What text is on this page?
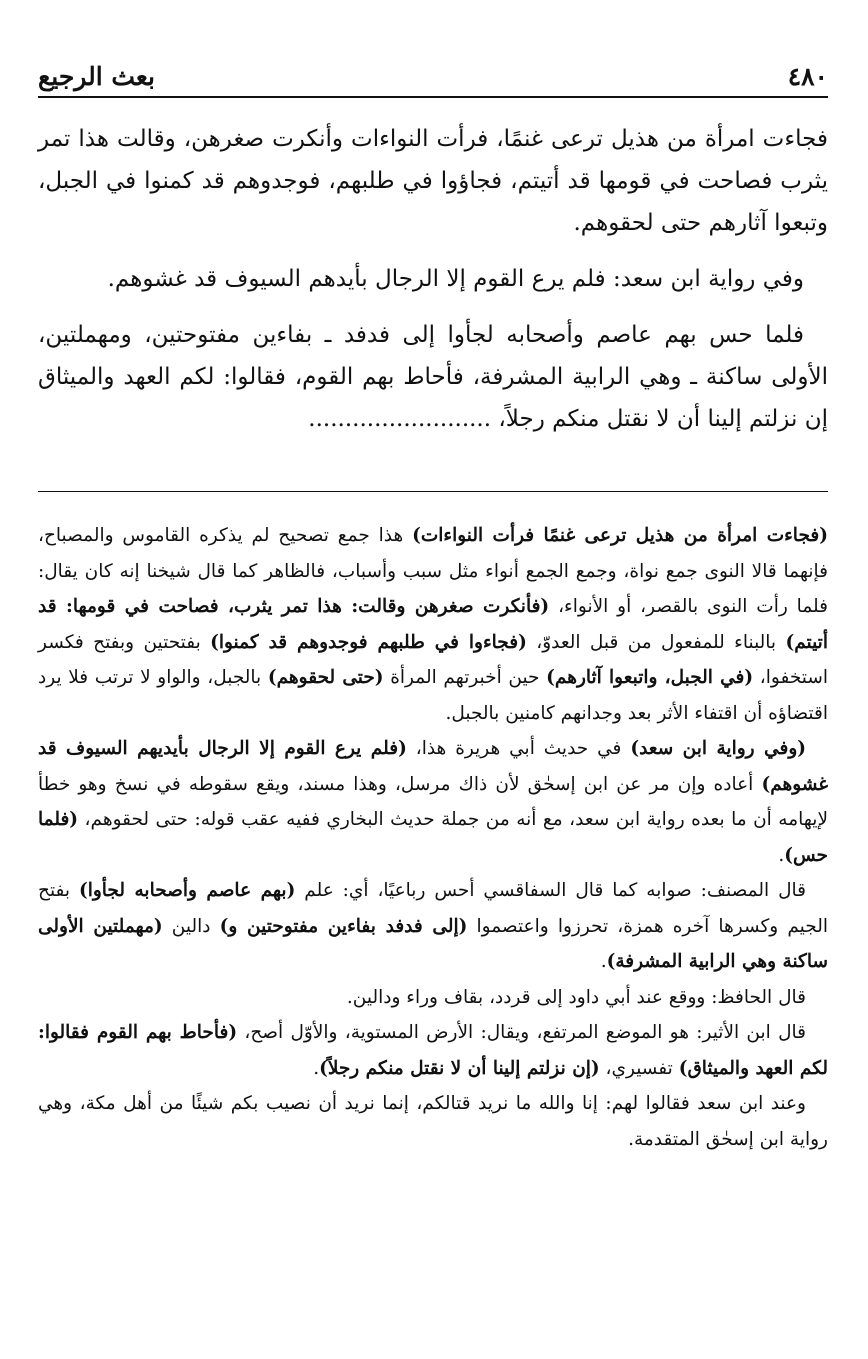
٤٨٠
بعث الرجيع

فجاءت امرأة من هذيل ترعى غنمًا، فرأت النواءات وأنكرت صغرهن، وقالت هذا تمر يثرب فصاحت في قومها قد أتيتم، فجاؤوا في طلبهم، فوجدوهم قد كمنوا في الجبل، وتبعوا آثارهم حتى لحقوهم.

وفي رواية ابن سعد: فلم يرع القوم إلا الرجال بأيدهم السيوف قد غشوهم.

فلما حس بهم عاصم وأصحابه لجأوا إلى فدفد ـ بفاءين مفتوحتين، ومهملتين، الأولى ساكنة ـ وهي الرابية المشرفة، فأحاط بهم القوم، فقالوا: لكم العهد والميثاق إن نزلتم إلينا أن لا نقتل منكم رجلاً، .........................

(فجاءت امرأة من هذيل ترعى غنمًا فرأت النواءات) هذا جمع تصحيح لم يذكره القاموس والمصباح، فإنهما قالا النوى جمع نواة، وجمع الجمع أنواء مثل سبب وأسباب، فالظاهر كما قال شيخنا إنه كان يقال: فلما رأت النوى بالقصر، أو الأنواء، (فأنكرت صغرهن وقالت: هذا تمر يثرب، فصاحت في قومها: قد أتيتم) بالبناء للمفعول من قبل العدوّ، (فجاءوا في طلبهم فوجدوهم قد كمنوا) بفتحتين وبفتح فكسر استخفوا، (في الجبل، واتبعوا آثارهم) حين أخبرتهم المرأة (حتى لحقوهم) بالجبل، والواو لا ترتب فلا يرد اقتضاؤه أن اقتفاء الأثر بعد وجدانهم كامنين بالجبل.

(وفي رواية ابن سعد) في حديث أبي هريرة هذا، (فلم يرع القوم إلا الرجال بأيديهم السيوف قد غشوهم) أعاده وإن مر عن ابن إسحٰق لأن ذاك مرسل، وهذا مسند، ويقع سقوطه في نسخ وهو خطأ لإيهامه أن ما بعده رواية ابن سعد، مع أنه من جملة حديث البخاري ففيه عقب قوله: حتى لحقوهم، (فلما حس).

قال المصنف: صوابه كما قال السفاقسي أحس رباعيًا، أي: علم (بهم عاصم وأصحابه لجأوا) بفتح الجيم وكسرها آخره همزة، تحرزوا واعتصموا (إلى فدفد بفاءين مفتوحتين و) دالين (مهملتين الأولى ساكنة وهي الرابية المشرفة).

قال الحافظ: ووقع عند أبي داود إلى قردد، بقاف وراء ودالين.

قال ابن الأثير: هو الموضع المرتفع، ويقال: الأرض المستوية، والأوّل أصح، (فأحاط بهم القوم فقالوا: لكم العهد والميثاق) تفسيري، (إن نزلتم إلينا أن لا نقتل منكم رجلاً).

وعند ابن سعد فقالوا لهم: إنا والله ما نريد قتالكم، إنما نريد أن نصيب بكم شيئًا من أهل مكة، وهي رواية ابن إسحٰق المتقدمة.
